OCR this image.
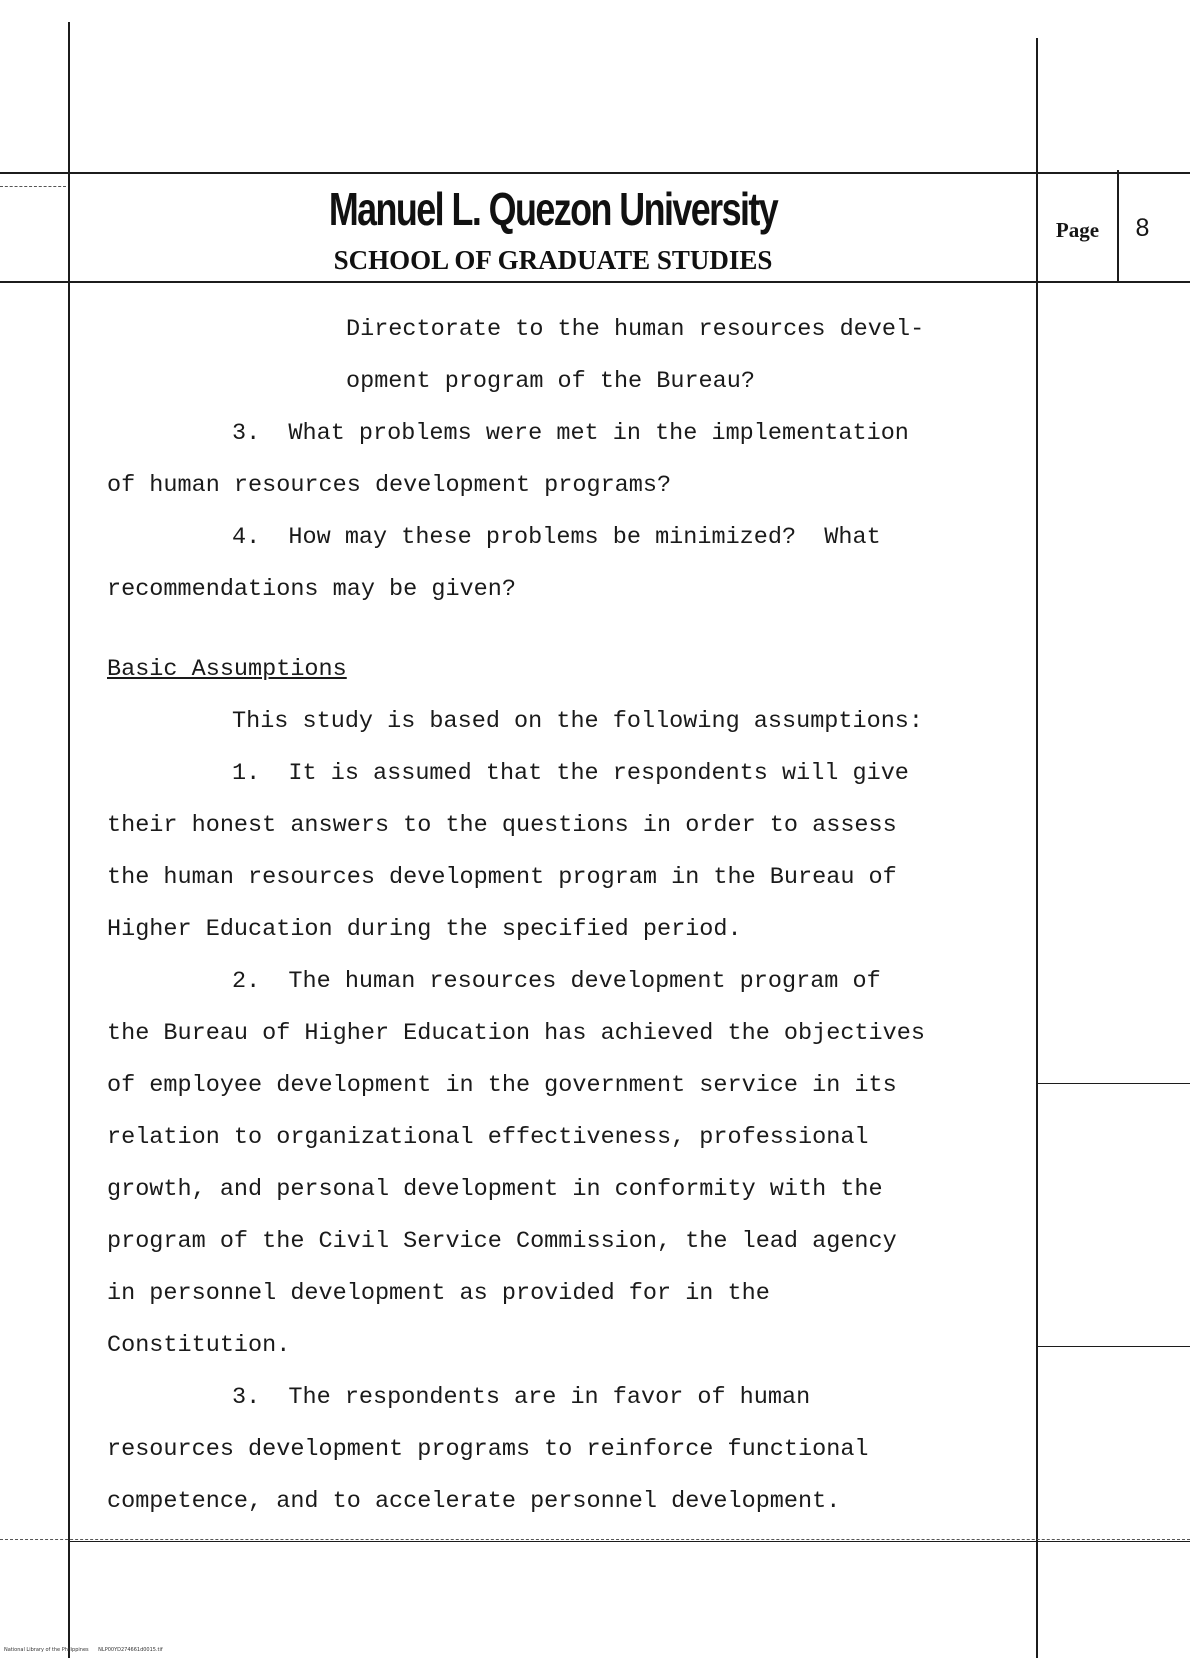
Manuel L. Quezon University
SCHOOL OF GRADUATE STUDIES
Page	8
Directorate to the human resources devel-
opment program of the Bureau?
3.  What problems were met in the implementation
of human resources development programs?
4.  How may these problems be minimized?  What
recommendations may be given?
Basic Assumptions
This study is based on the following assumptions:
1.  It is assumed that the respondents will give
their honest answers to the questions in order to assess
the human resources development program in the Bureau of
Higher Education during the specified period.
2.  The human resources development program of
the Bureau of Higher Education has achieved the objectives
of employee development in the government service in its
relation to organizational effectiveness, professional
growth, and personal development in conformity with the
program of the Civil Service Commission, the lead agency
in personnel development as provided for in the
Constitution.
3.  The respondents are in favor of human
resources development programs to reinforce functional
competence, and to accelerate personnel development.
National Library of the Philippines      NLP00YD274661d0015.tif
